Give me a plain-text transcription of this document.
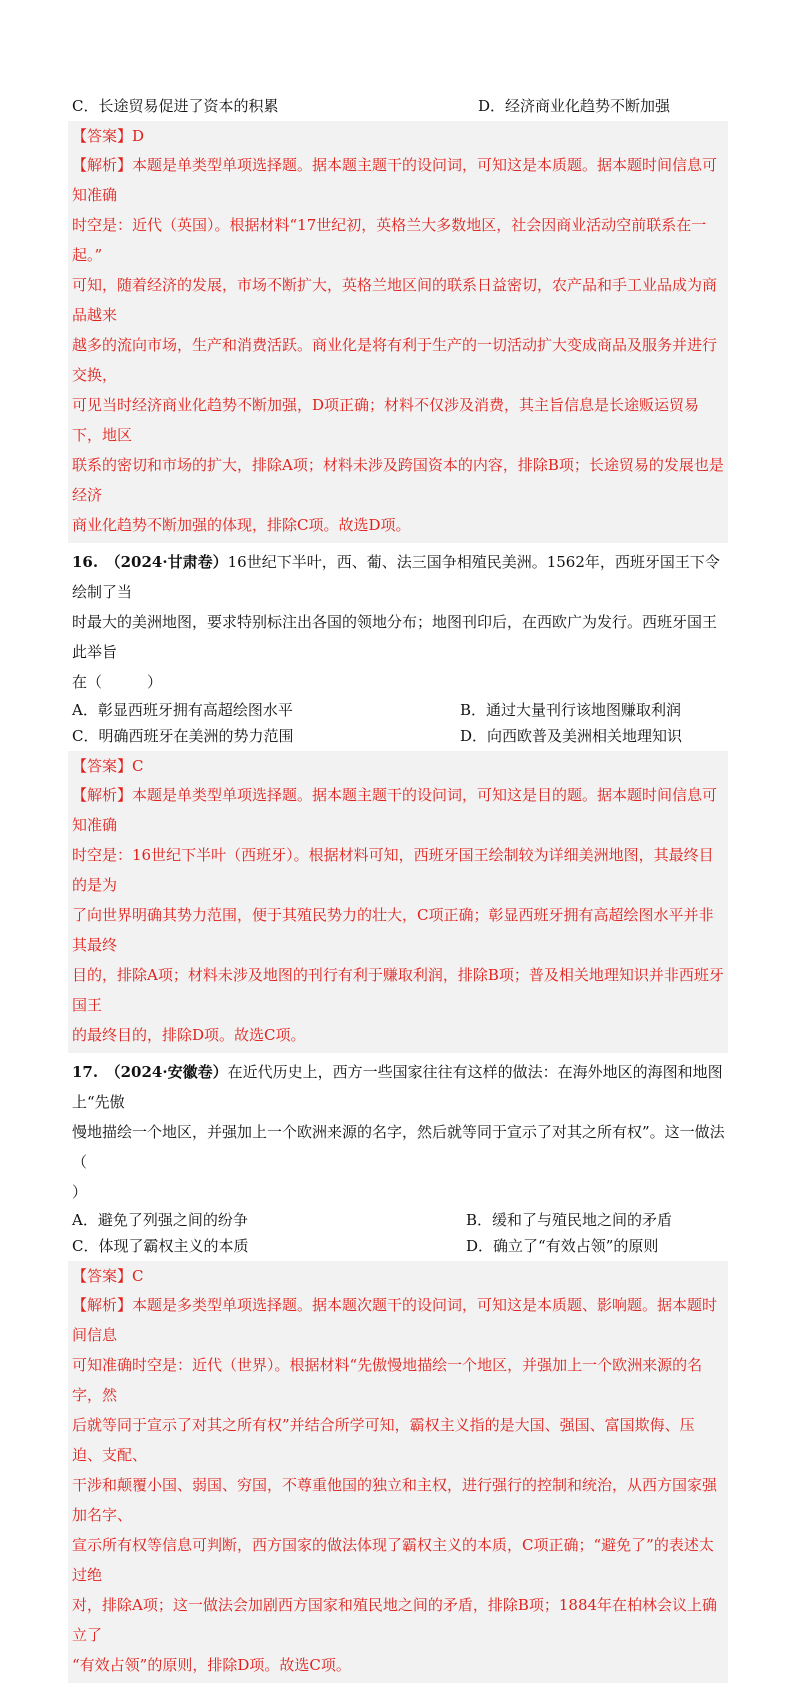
C．长途贸易促进了资本的积累	D．经济商业化趋势不断加强
【答案】D
【解析】本题是单类型单项选择题。据本题主题干的设问词，可知这是本质题。据本题时间信息可知准确
时空是：近代（英国）。根据材料“17世纪初，英格兰大多数地区，社会因商业活动空前联系在一起。”
可知，随着经济的发展，市场不断扩大，英格兰地区间的联系日益密切，农产品和手工业品成为商品越来
越多的流向市场，生产和消费活跃。商业化是将有利于生产的一切活动扩大变成商品及服务并进行交换，
可见当时经济商业化趋势不断加强，D项正确；材料不仅涉及消费，其主旨信息是长途贩运贸易下，地区
联系的密切和市场的扩大，排除A项；材料未涉及跨国资本的内容，排除B项；长途贸易的发展也是经济
商业化趋势不断加强的体现，排除C项。故选D项。
16.　 （2024·甘肃卷）16世纪下半叶，西、葡、法三国争相殖民美洲。1562年，西班牙国王下令绘制了当
时最大的美洲地图，要求特别标注出各国的领地分布；地图刊印后，在西欧广为发行。西班牙国王此举旨
在（　　　）
A．彰显西班牙拥有高超绘图水平	B．通过大量刊行该地图赚取利润
C．明确西班牙在美洲的势力范围	D．向西欧普及美洲相关地理知识
【答案】C
【解析】本题是单类型单项选择题。据本题主题干的设问词，可知这是目的题。据本题时间信息可知准确
时空是：16世纪下半叶（西班牙）。根据材料可知，西班牙国王绘制较为详细美洲地图，其最终目的是为
了向世界明确其势力范围，便于其殖民势力的壮大，C项正确；彰显西班牙拥有高超绘图水平并非其最终
目的，排除A项；材料未涉及地图的刊行有利于赚取利润，排除B项；普及相关地理知识并非西班牙国王
的最终目的，排除D项。故选C项。
17.　 （2024·安徽卷）在近代历史上，西方一些国家往往有这样的做法：在海外地区的海图和地图上“先傲
慢地描绘一个地区，并强加上一个欧洲来源的名字，然后就等同于宣示了对其之所有权”。这一做法（
）
A．避免了列强之间的纷争	B．缓和了与殖民地之间的矛盾
C．体现了霸权主义的本质	D．确立了“有效占领”的原则
【答案】C
【解析】本题是多类型单项选择题。据本题次题干的设问词，可知这是本质题、影响题。据本题时间信息
可知准确时空是：近代（世界）。根据材料“先傲慢地描绘一个地区，并强加上一个欧洲来源的名字，然
后就等同于宣示了对其之所有权”并结合所学可知，霸权主义指的是大国、强国、富国欺侮、压迫、支配、
干涉和颠覆小国、弱国、穷国，不尊重他国的独立和主权，进行强行的控制和统治，从西方国家强加名字、
宣示所有权等信息可判断，西方国家的做法体现了霸权主义的本质，C项正确；“避免了”的表述太过绝
对，排除A项；这一做法会加剧西方国家和殖民地之间的矛盾，排除B项；1884年在柏林会议上确立了
“有效占领”的原则，排除D项。故选C项。
